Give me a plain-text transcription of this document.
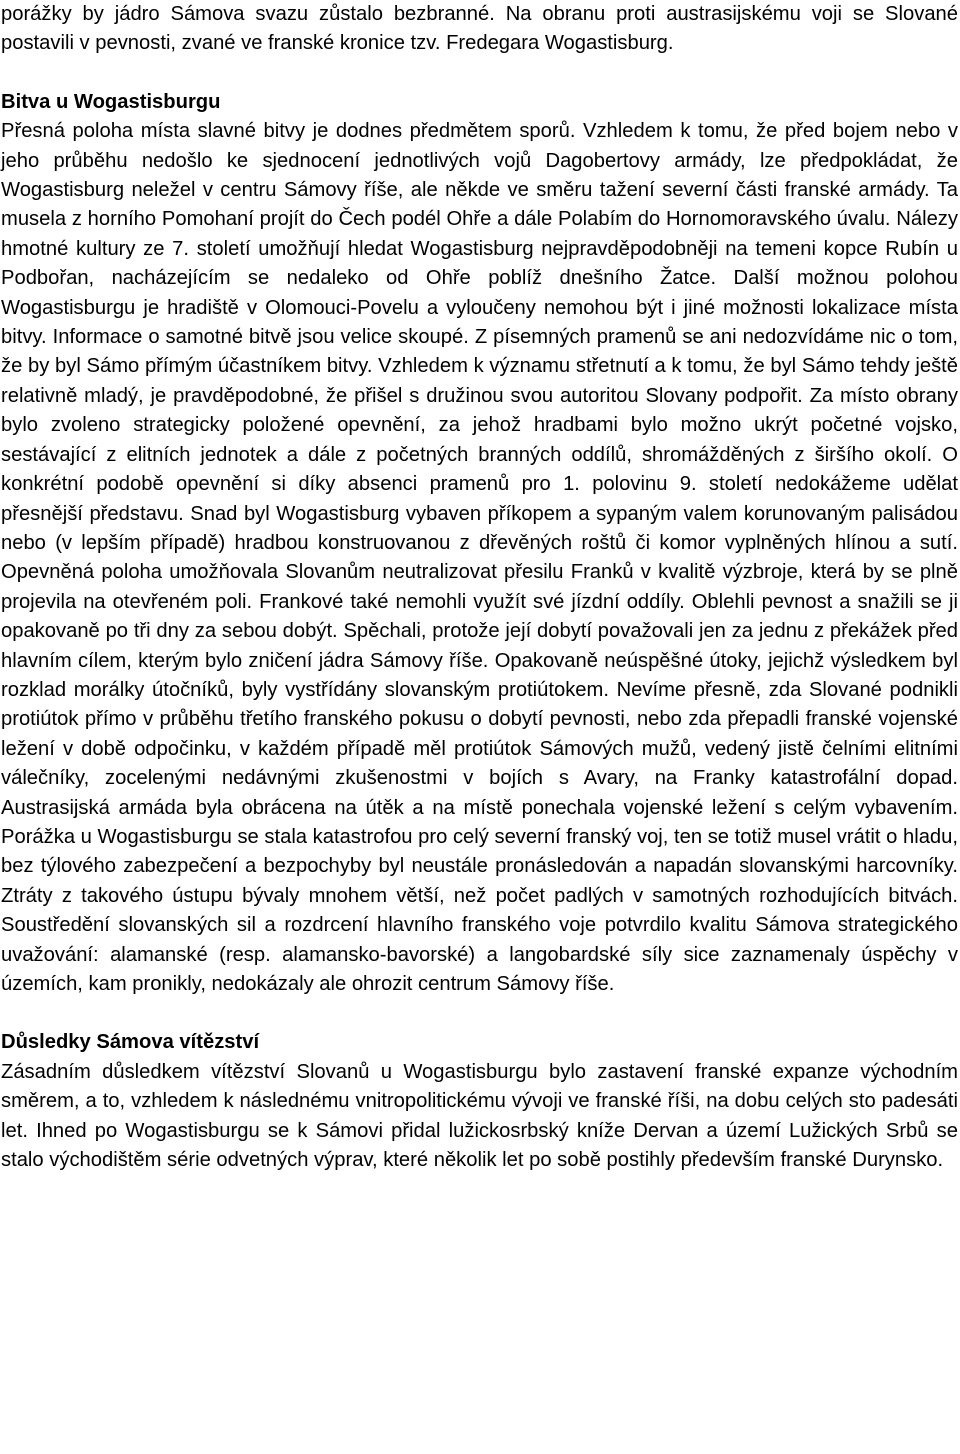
porážky by jádro Sámova svazu zůstalo bezbranné. Na obranu proti austrasijskému voji se Slované postavili v pevnosti, zvané ve franské kronice tzv. Fredegara Wogastisburg.

Bitva u Wogastisburgu

Přesná poloha místa slavné bitvy je dodnes předmětem sporů. Vzhledem k tomu, že před bojem nebo v jeho průběhu nedošlo ke sjednocení jednotlivých vojů Dagobertovy armády, lze předpokládat, že Wogastisburg neležel v centru Sámovy říše, ale někde ve směru tažení severní části franské armády. Ta musela z horního Pomohaní projít do Čech podél Ohře a dále Polabím do Hornomoravského úvalu. Nálezy hmotné kultury ze 7. století umožňují hledat Wogastisburg nejpravděpodobněji na temeni kopce Rubín u Podbořan, nacházejícím se nedaleko od Ohře poblíž dnešního Žatce. Další možnou polohou Wogastisburgu je hradiště v Olomouci-Povelu a vyloučeny nemohou být i jiné možnosti lokalizace místa bitvy. Informace o samotné bitvě jsou velice skoupé. Z písemných pramenů se ani nedozvídáme nic o tom, že by byl Sámo přímým účastníkem bitvy. Vzhledem k významu střetnutí a k tomu, že byl Sámo tehdy ještě relativně mladý, je pravděpodobné, že přišel s družinou svou autoritou Slovany podpořit. Za místo obrany bylo zvoleno strategicky položené opevnění, za jehož hradbami bylo možno ukrýt početné vojsko, sestávající z elitních jednotek a dále z početných branných oddílů, shromážděných z širšího okolí. O konkrétní podobě opevnění si díky absenci pramenů pro 1. polovinu 9. století nedokážeme udělat přesnější představu. Snad byl Wogastisburg vybaven příkopem a sypaným valem korunovaným palisádou nebo (v lepším případě) hradbou konstruovanou z dřevěných roštů či komor vyplněných hlínou a sutí. Opevněná poloha umožňovala Slovanům neutralizovat přesilu Franků v kvalitě výzbroje, která by se plně projevila na otevřeném poli. Frankové také nemohli využít své jízdní oddíly. Oblehli pevnost a snažili se ji opakovaně po tři dny za sebou dobýt. Spěchali, protože její dobytí považovali jen za jednu z překážek před hlavním cílem, kterým bylo zničení jádra Sámovy říše. Opakovaně neúspěšné útoky, jejichž výsledkem byl rozklad morálky útočníků, byly vystřídány slovanským protiútokem. Nevíme přesně, zda Slované podnikli protiútok přímo v průběhu třetího franského pokusu o dobytí pevnosti, nebo zda přepadli franské vojenské ležení v době odpočinku, v každém případě měl protiútok Sámových mužů, vedený jistě čelními elitními válečníky, zocelenými nedávnými zkušenostmi v bojích s Avary, na Franky katastrofální dopad. Austrasijská armáda byla obrácena na útěk a na místě ponechala vojenské ležení s celým vybavením. Porážka u Wogastisburgu se stala katastrofou pro celý severní franský voj, ten se totiž musel vrátit o hladu, bez týlového zabezpečení a bezpochyby byl neustále pronásledován a napadán slovanskými harcovníky. Ztráty z takového ústupu bývaly mnohem větší, než počet padlých v samotných rozhodujících bitvách. Soustředění slovanských sil a rozdrcení hlavního franského voje potvrdilo kvalitu Sámova strategického uvažování: alamanské (resp. alamansko-bavorské) a langobardské síly sice zaznamenaly úspěchy v územích, kam pronikly, nedokázaly ale ohrozit centrum Sámovy říše.

Důsledky Sámova vítězství

Zásadním důsledkem vítězství Slovanů u Wogastisburgu bylo zastavení franské expanze východním směrem, a to, vzhledem k následnému vnitropolitickému vývoji ve franské říši, na dobu celých sto padesáti let. Ihned po Wogastisburgu se k Sámovi přidal lužickosrbský kníže Dervan a území Lužických Srbů se stalo východištěm série odvetných výprav, které několik let po sobě postihly především franské Durynsko.
